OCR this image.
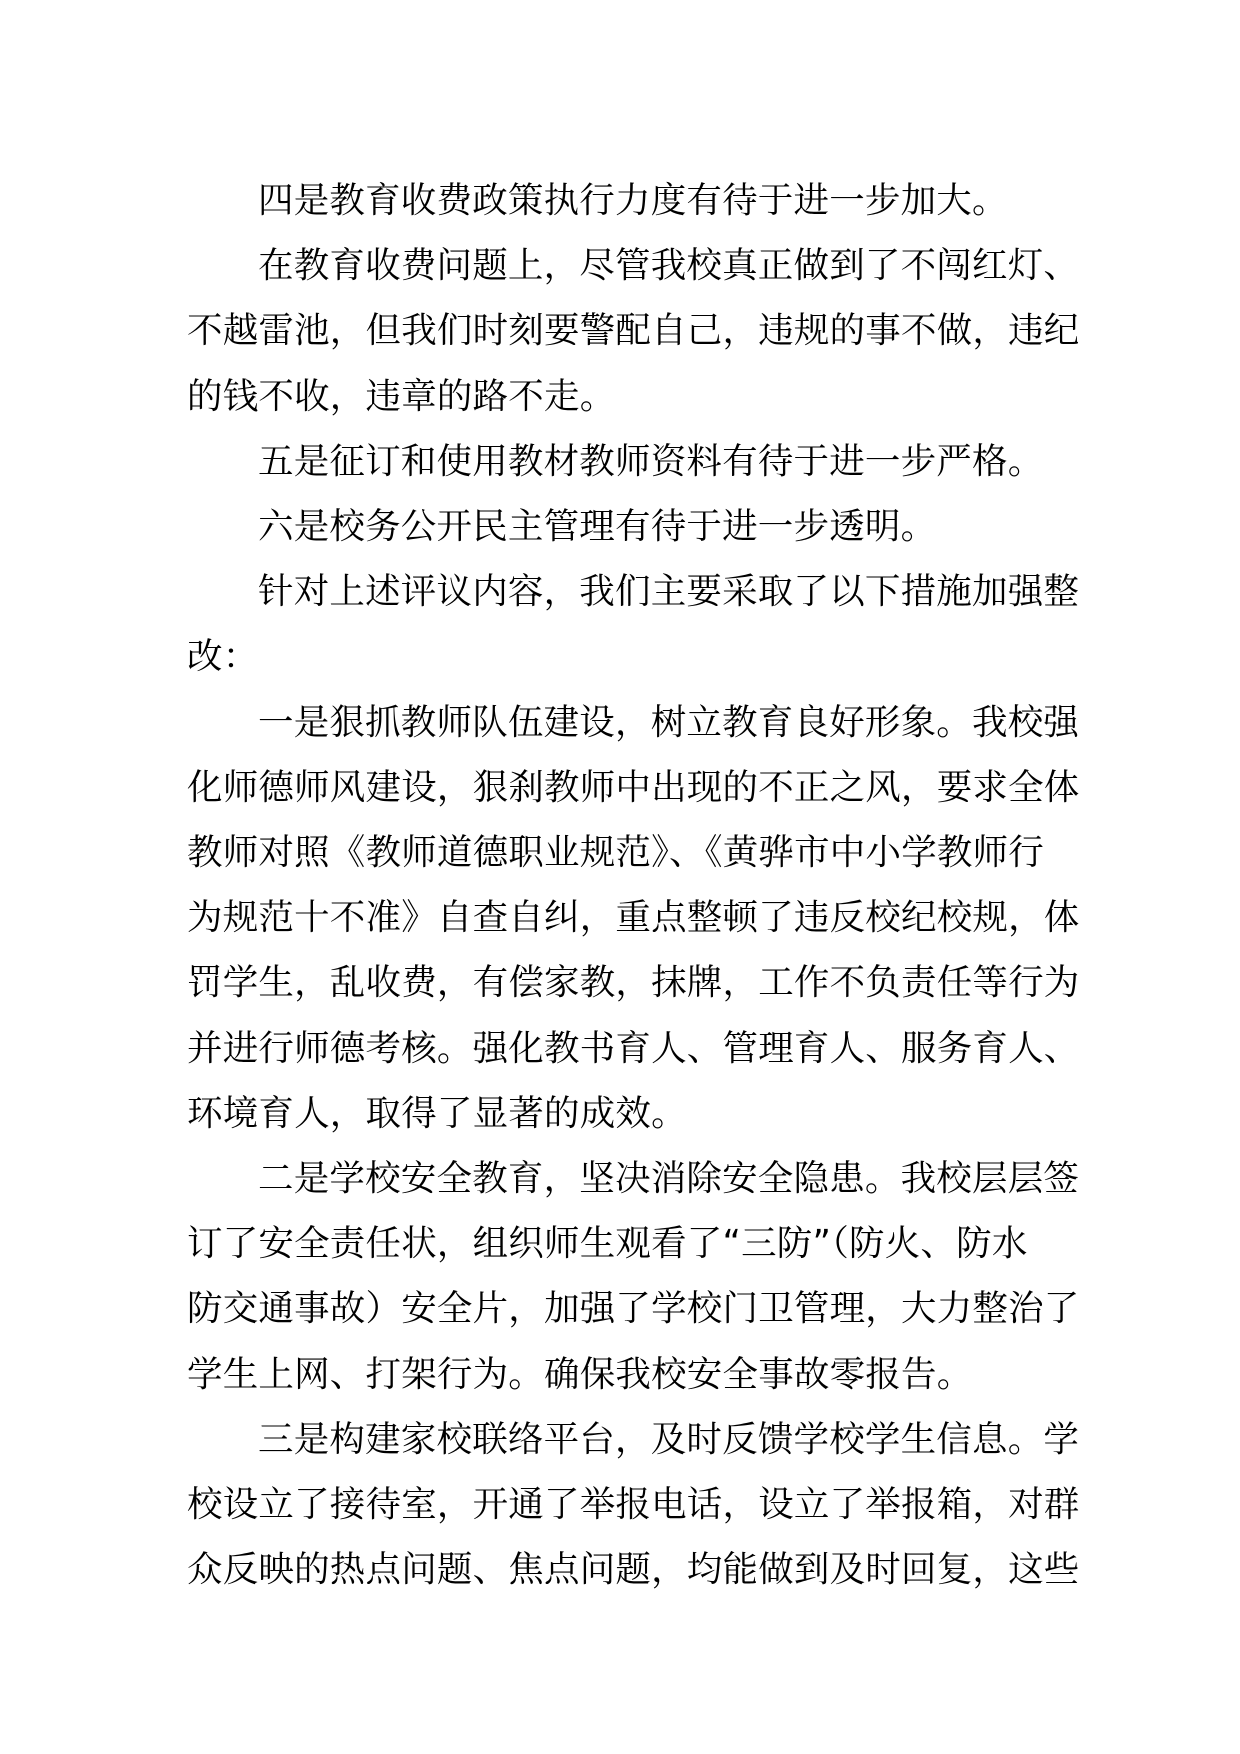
四是教育收费政策执行力度有待于进一步加大。

在教育收费问题上，尽管我校真正做到了不闯红灯、
不越雷池，但我们时刻要警配自己，违规的事不做，违纪
的钱不收，违章的路不走。

五是征订和使用教材教师资料有待于进一步严格。

六是校务公开民主管理有待于进一步透明。

针对上述评议内容，我们主要采取了以下措施加强整
改：

一是狠抓教师队伍建设，树立教育良好形象。我校强
化师德师风建设，狠刹教师中出现的不正之风，要求全体
教师对照《教师道德职业规范》、《黄骅市中小学教师行
为规范十不准》自查自纠，重点整顿了违反校纪校规，体
罚学生，乱收费，有偿家教，抹牌，工作不负责任等行为
并进行师德考核。强化教书育人、管理育人、服务育人、
环境育人，取得了显著的成效。

二是学校安全教育，坚决消除安全隐患。我校层层签
订了安全责任状，组织师生观看了“三防”（防火、防水
防交通事故）安全片，加强了学校门卫管理，大力整治了
学生上网、打架行为。确保我校安全事故零报告。

三是构建家校联络平台，及时反馈学校学生信息。学
校设立了接待室，开通了举报电话，设立了举报箱，对群
众反映的热点问题、焦点问题，均能做到及时回复，这些
